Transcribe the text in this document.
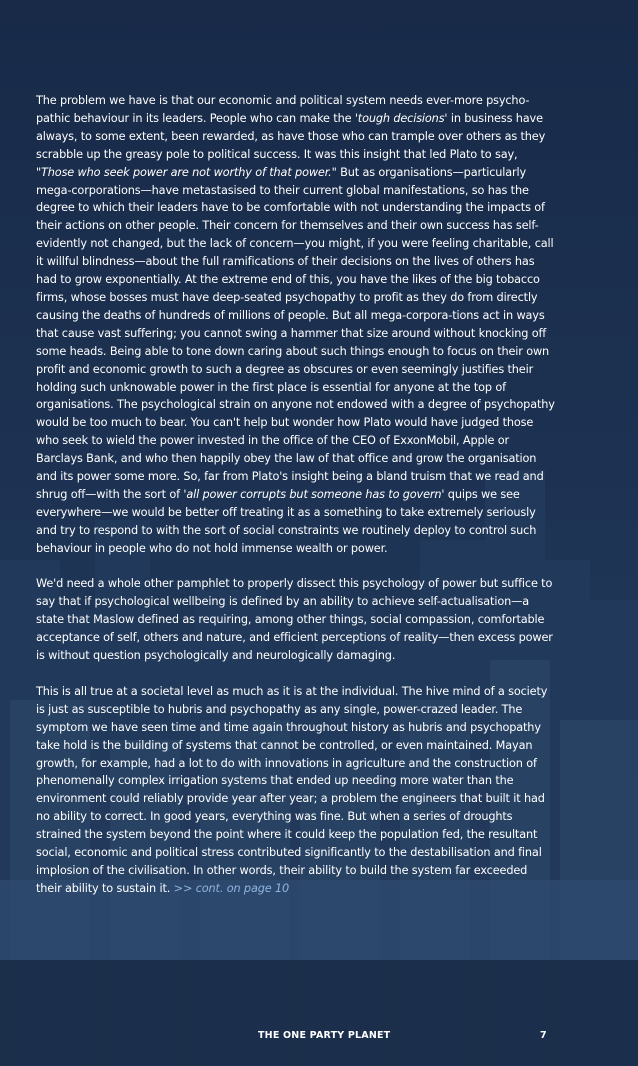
The problem we have is that our economic and political system needs ever-more psycho-pathic behaviour in its leaders. People who can make the 'tough decisions' in business have always, to some extent, been rewarded, as have those who can trample over others as they scrabble up the greasy pole to political success. It was this insight that led Plato to say, "Those who seek power are not worthy of that power." But as organisations—particularly mega-corporations—have metastasised to their current global manifestations, so has the degree to which their leaders have to be comfortable with not understanding the impacts of their actions on other people. Their concern for themselves and their own success has self-evidently not changed, but the lack of concern—you might, if you were feeling charitable, call it willful blindness—about the full ramifications of their decisions on the lives of others has had to grow exponentially. At the extreme end of this, you have the likes of the big tobacco firms, whose bosses must have deep-seated psychopathy to profit as they do from directly causing the deaths of hundreds of millions of people. But all mega-corpora-tions act in ways that cause vast suffering; you cannot swing a hammer that size around without knocking off some heads. Being able to tone down caring about such things enough to focus on their own profit and economic growth to such a degree as obscures or even seemingly justifies their holding such unknowable power in the first place is essential for anyone at the top of organisations. The psychological strain on anyone not endowed with a degree of psychopathy would be too much to bear. You can't help but wonder how Plato would have judged those who seek to wield the power invested in the office of the CEO of ExxonMobil, Apple or Barclays Bank, and who then happily obey the law of that office and grow the organisation and its power some more. So, far from Plato's insight being a bland truism that we read and shrug off—with the sort of 'all power corrupts but someone has to govern' quips we see everywhere—we would be better off treating it as a something to take extremely seriously and try to respond to with the sort of social constraints we routinely deploy to control such behaviour in people who do not hold immense wealth or power.

We'd need a whole other pamphlet to properly dissect this psychology of power but suffice to say that if psychological wellbeing is defined by an ability to achieve self-actualisation—a state that Maslow defined as requiring, among other things, social compassion, comfortable acceptance of self, others and nature, and efficient perceptions of reality—then excess power is without question psychologically and neurologically damaging.

This is all true at a societal level as much as it is at the individual. The hive mind of a society is just as susceptible to hubris and psychopathy as any single, power-crazed leader. The symptom we have seen time and time again throughout history as hubris and psychopathy take hold is the building of systems that cannot be controlled, or even maintained. Mayan growth, for example, had a lot to do with innovations in agriculture and the construction of phenomenally complex irrigation systems that ended up needing more water than the environment could reliably provide year after year; a problem the engineers that built it had no ability to correct. In good years, everything was fine. But when a series of droughts strained the system beyond the point where it could keep the population fed, the resultant social, economic and political stress contributed significantly to the destabilisation and final implosion of the civilisation. In other words, their ability to build the system far exceeded their ability to sustain it. >> cont. on page 10

THE ONE PARTY PLANET	7
